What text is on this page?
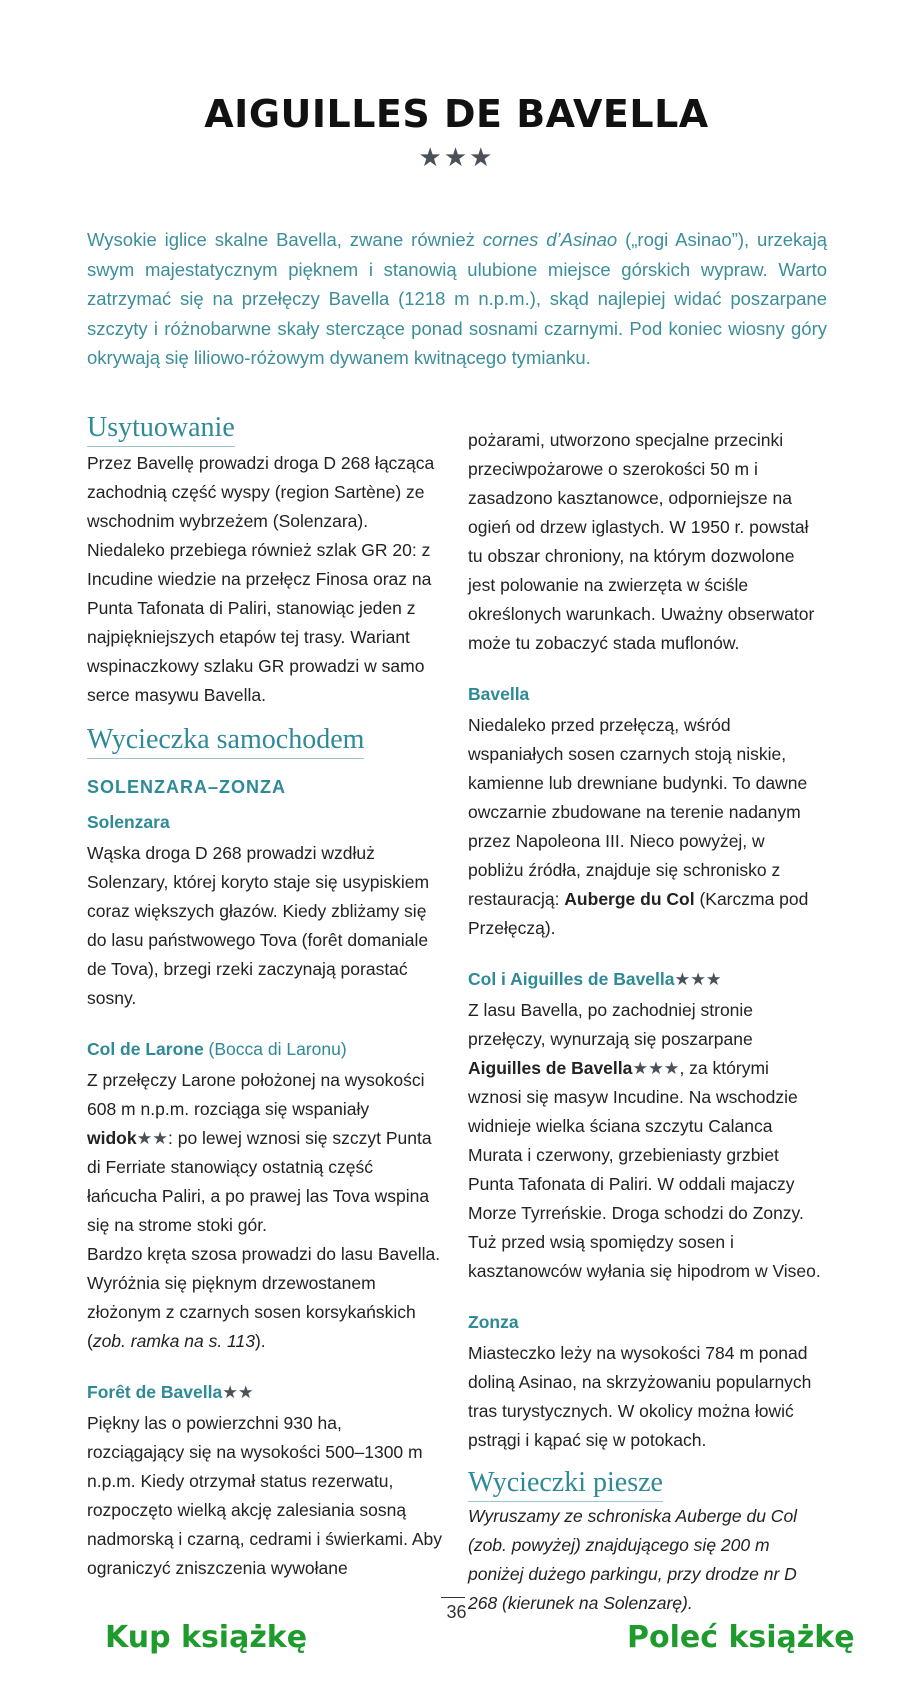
AIGUILLES DE BAVELLA
★★★
Wysokie iglice skalne Bavella, zwane również cornes d’Asinao („rogi Asinao”), urzekają swym majestatycznym pięknem i stanowią ulubione miejsce górskich wypraw. Warto zatrzymać się na przełęczy Bavella (1218 m n.p.m.), skąd najlepiej widać poszarpane szczyty i różnobarwne skały sterczące ponad sosnami czarnymi. Pod koniec wiosny góry okrywają się liliowo-różowym dywanem kwitnącego tymianku.
Usytuowanie

Przez Bavellę prowadzi droga D 268 łącząca zachodnią część wyspy (region Sartène) ze wschodnim wybrzeżem (Solenzara). Niedaleko przebiega również szlak GR 20: z Incudine wiedzie na przełęcz Finosa oraz na Punta Tafonata di Paliri, stanowiąc jeden z najpiękniejszych etapów tej trasy. Wariant wspinaczkowy szlaku GR prowadzi w samo serce masywu Bavella.

Wycieczka samochodem
SOLENZARA–ZONZA
Solenzara

Wąska droga D 268 prowadzi wzdłuż Solenzary, której koryto staje się usypiskiem coraz większych głazów. Kiedy zbliżamy się do lasu państwowego Tova (forêt domaniale de Tova), brzegi rzeki zaczynają porastać sosny.

Col de Larone (Bocca di Laronu)

Z przełęczy Larone położonej na wysokości 608 m n.p.m. rozciąga się wspaniały widok★★: po lewej wznosi się szczyt Punta di Ferriate stanowiący ostatnią część łańcucha Paliri, a po prawej las Tova wspina się na strome stoki gór.

Bardzo kręta szosa prowadzi do lasu Bavella. Wyróżnia się pięknym drzewostanem złożonym z czarnych sosen korsykańskich (zob. ramka na s. 113).

Forêt de Bavella★★

Piękny las o powierzchni 930 ha, rozciągający się na wysokości 500–1300 m n.p.m. Kiedy otrzymał status rezerwatu, rozpoczęto wielką akcję zalesiania sosną nadmorską i czarną, cedrami i świerkami. Aby ograniczyć zniszczenia wywołane

pożarami, utworzono specjalne przecinki przeciwpożarowe o szerokości 50 m i zasadzono kasztanowce, odporniejsze na ogień od drzew iglastych. W 1950 r. powstał tu obszar chroniony, na którym dozwolone jest polowanie na zwierzęta w ściśle określonych warunkach. Uważny obserwator może tu zobaczyć stada muflonów.

Bavella

Niedaleko przed przełęczą, wśród wspaniałych sosen czarnych stoją niskie, kamienne lub drewniane budynki. To dawne owczarnie zbudowane na terenie nadanym przez Napoleona III. Nieco powyżej, w pobliżu źródła, znajduje się schronisko z restauracją: Auberge du Col (Karczma pod Przełęczą).

Col i Aiguilles de Bavella★★★

Z lasu Bavella, po zachodniej stronie przełęczy, wynurzają się poszarpane Aiguilles de Bavella★★★, za którymi wznosi się masyw Incudine. Na wschodzie widnieje wielka ściana szczytu Calanca Murata i czerwony, grzebieniasty grzbiet Punta Tafonata di Paliri. W oddali majaczy Morze Tyrreńskie. Droga schodzi do Zonzy. Tuż przed wsią spomiędzy sosen i kasztanowców wyłania się hipodrom w Viseo.

Zonza

Miasteczko leży na wysokości 784 m ponad doliną Asinao, na skrzyżowaniu popularnych tras turystycznych. W okolicy można łowić pstrągi i kąpać się w potokach.

Wycieczki piesze

Wyruszamy ze schroniska Auberge du Col (zob. powyżej) znajdującego się 200 m poniżej dużego parkingu, przy drodze nr D 268 (kierunek na Solenzarę).

36
Kup książkę	Poleć książkę
